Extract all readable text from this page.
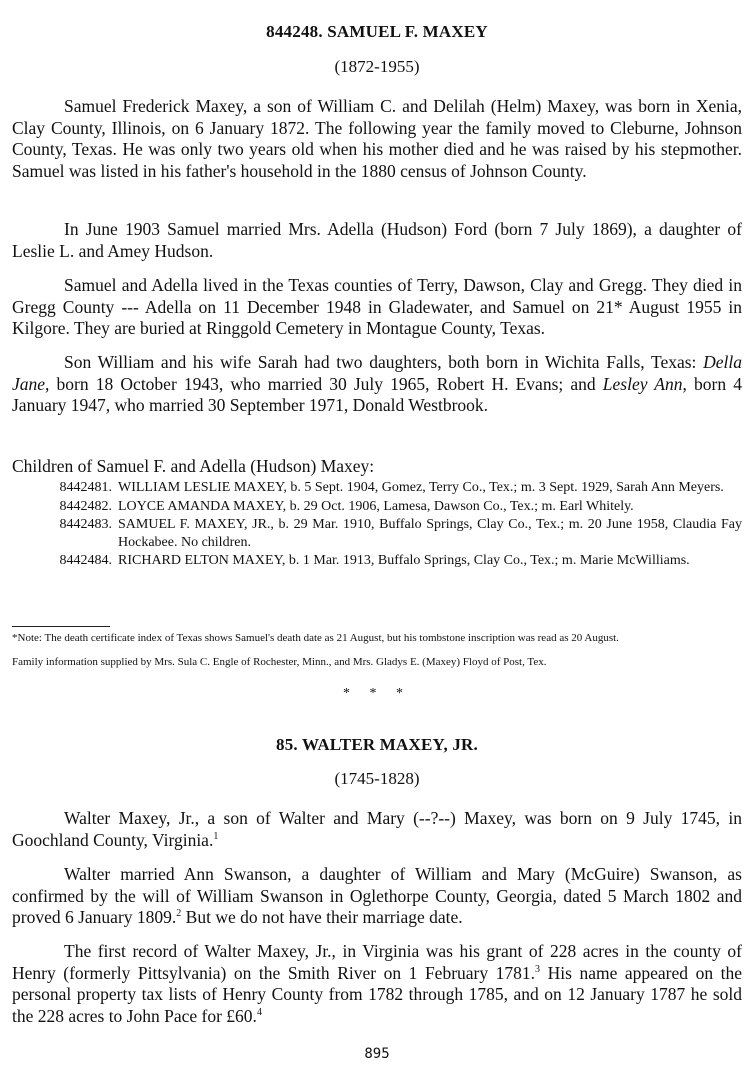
844248. SAMUEL F. MAXEY

(1872-1955)

Samuel Frederick Maxey, a son of William C. and Delilah (Helm) Maxey, was born in Xenia, Clay County, Illinois, on 6 January 1872. The following year the family moved to Cleburne, Johnson County, Texas. He was only two years old when his mother died and he was raised by his stepmother. Samuel was listed in his father's household in the 1880 census of Johnson County.

In June 1903 Samuel married Mrs. Adella (Hudson) Ford (born 7 July 1869), a daughter of Leslie L. and Amey Hudson.

Samuel and Adella lived in the Texas counties of Terry, Dawson, Clay and Gregg. They died in Gregg County --- Adella on 11 December 1948 in Gladewater, and Samuel on 21* August 1955 in Kilgore. They are buried at Ringgold Cemetery in Montague County, Texas.

Son William and his wife Sarah had two daughters, both born in Wichita Falls, Texas: Della Jane, born 18 October 1943, who married 30 July 1965, Robert H. Evans; and Lesley Ann, born 4 January 1947, who married 30 September 1971, Donald Westbrook.

Children of Samuel F. and Adella (Hudson) Maxey:

8442481. WILLIAM LESLIE MAXEY, b. 5 Sept. 1904, Gomez, Terry Co., Tex.; m. 3 Sept. 1929, Sarah Ann Meyers.
8442482. LOYCE AMANDA MAXEY, b. 29 Oct. 1906, Lamesa, Dawson Co., Tex.; m. Earl Whitely.
8442483. SAMUEL F. MAXEY, JR., b. 29 Mar. 1910, Buffalo Springs, Clay Co., Tex.; m. 20 June 1958, Claudia Fay Hockabee. No children.
8442484. RICHARD ELTON MAXEY, b. 1 Mar. 1913, Buffalo Springs, Clay Co., Tex.; m. Marie McWilliams.

*Note: The death certificate index of Texas shows Samuel's death date as 21 August, but his tombstone inscription was read as 20 August.

Family information supplied by Mrs. Sula C. Engle of Rochester, Minn., and Mrs. Gladys E. (Maxey) Floyd of Post, Tex.

* * *

85. WALTER MAXEY, JR.

(1745-1828)

Walter Maxey, Jr., a son of Walter and Mary (--?--) Maxey, was born on 9 July 1745, in Goochland County, Virginia.$^1$

Walter married Ann Swanson, a daughter of William and Mary (McGuire) Swanson, as confirmed by the will of William Swanson in Oglethorpe County, Georgia, dated 5 March 1802 and proved 6 January 1809.$^2$ But we do not have their marriage date.

The first record of Walter Maxey, Jr., in Virginia was his grant of 228 acres in the county of Henry (formerly Pittsylvania) on the Smith River on 1 February 1781.$^3$ His name appeared on the personal property tax lists of Henry County from 1782 through 1785, and on 12 January 1787 he sold the 228 acres to John Pace for £60.$^4$

895
